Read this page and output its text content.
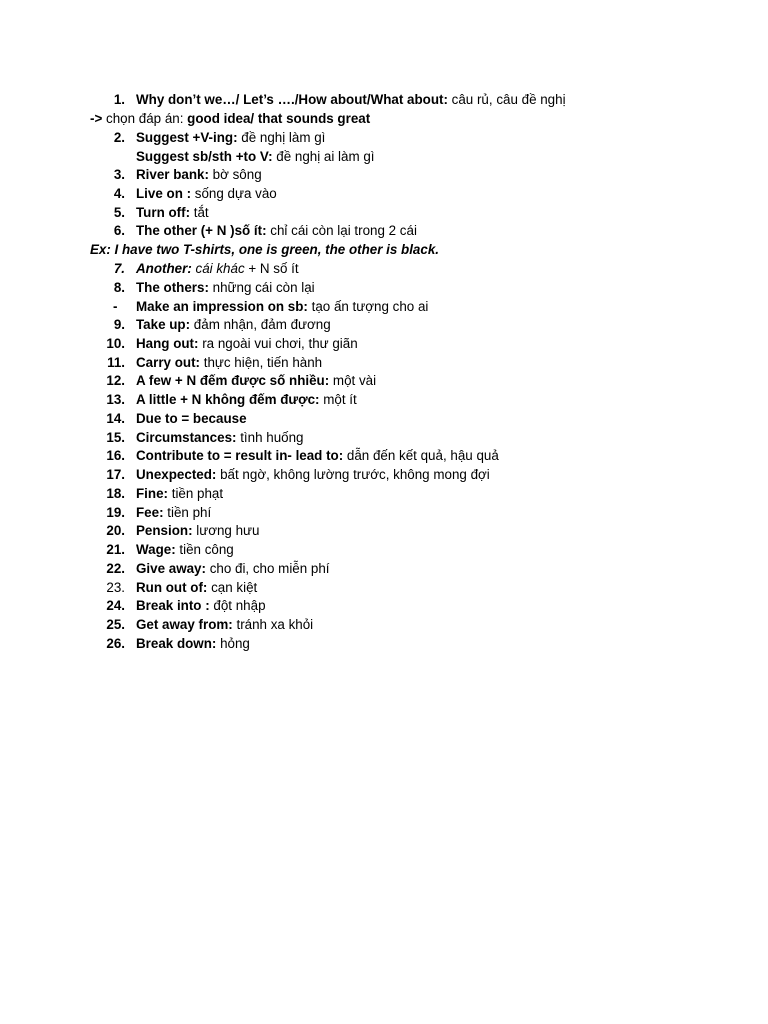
1. Why don’t we…/ Let’s …./How about/What about: câu rủ, câu đề nghị
-> chọn đáp án: good idea/ that sounds great
2. Suggest +V-ing: đề nghị làm gì
Suggest sb/sth +to V: đề nghị ai làm gì
3. River bank: bờ sông
4. Live on : sống dựa vào
5. Turn off: tắt
6. The other (+ N )số ít: chỉ cái còn lại trong 2 cái
Ex: I have two T-shirts, one is green, the other is black.
7. Another: cái khác + N số ít
8. The others: những cái còn lại
- Make an impression on sb: tạo ấn tượng cho ai
9. Take up: đảm nhận, đảm đương
10. Hang out: ra ngoài vui chơi, thư giãn
11. Carry out: thực hiện, tiến hành
12. A few + N đếm được số nhiều: một vài
13. A little + N không đếm được: một ít
14. Due to = because
15. Circumstances: tình huống
16. Contribute to = result in- lead to: dẫn đến kết quả, hậu quả
17. Unexpected: bất ngờ, không lường trước, không mong đợi
18. Fine: tiền phạt
19. Fee: tiền phí
20. Pension: lương hưu
21. Wage: tiền công
22. Give away: cho đi, cho miễn phí
23. Run out of: cạn kiệt
24. Break into : đột nhập
25. Get away from: tránh xa khỏi
26. Break down: hỏng
